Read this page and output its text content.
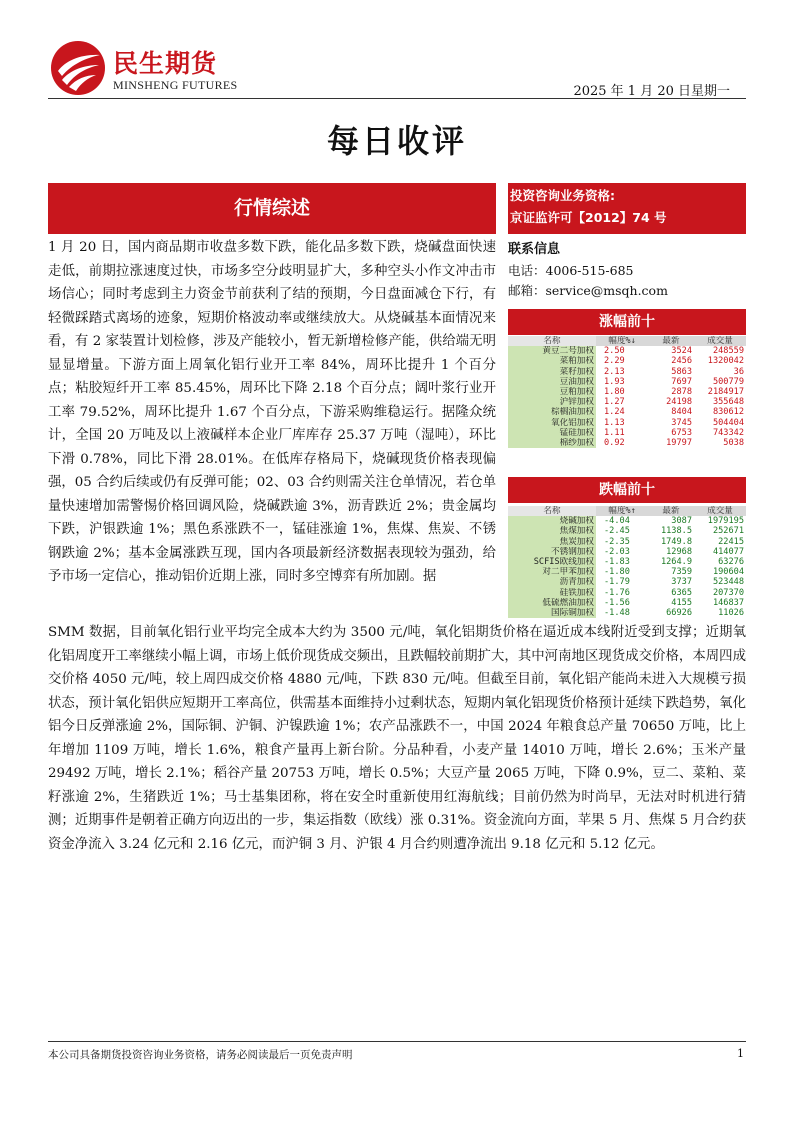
民生期货
MINSHENG FUTURES	2025 年 1 月 20 日星期一
每日收评
行情综述
1 月 20 日，国内商品期市收盘多数下跌，能化品多数下跌，烧碱盘面快速走低，前期拉涨速度过快，市场多空分歧明显扩大，多种空头小作文冲击市场信心；同时考虑到主力资金节前获利了结的预期，今日盘面减仓下行，有轻微踩踏式离场的迹象，短期价格波动率或继续放大。从烧碱基本面情况来看，有 2 家装置计划检修，涉及产能较小，暂无新增检修产能，供给端无明显显增量。下游方面上周氧化铝行业开工率 84%，周环比提升 1 个百分点；粘胶短纤开工率 85.45%，周环比下降 2.18 个百分点；阔叶浆行业开工率 79.52%，周环比提升 1.67 个百分点，下游采购维稳运行。据隆众统计，全国 20 万吨及以上液碱样本企业厂库库存 25.37 万吨（湿吨），环比下滑 0.78%，同比下滑 28.01%。在低库存格局下，烧碱现货价格表现偏强，05 合约后续或仍有反弹可能；02、03 合约则需关注仓单情况，若仓单量快速增加需警惕价格回调风险，烧碱跌逾 3%，沥青跌近 2%；贵金属均下跌，沪银跌逾 1%；黑色系涨跌不一，锰硅涨逾 1%，焦煤、焦炭、不锈钢跌逾 2%；基本金属涨跌互现，国内各项最新经济数据表现较为强劲，给予市场一定信心，推动铝价近期上涨，同时多空博弈有所加剧。据
SMM 数据，目前氧化铝行业平均完全成本大约为 3500 元/吨，氧化铝期货价格在逼近成本线附近受到支撑；近期氧化铝周度开工率继续小幅上调，市场上低价现货成交频出，且跌幅较前期扩大，其中河南地区现货成交价格，本周四成交价格 4050 元/吨，较上周四成交价格 4880 元/吨，下跌 830 元/吨。但截至目前，氧化铝产能尚未进入大规模亏损状态，预计氧化铝供应短期开工率高位，供需基本面维持小过剩状态，短期内氧化铝现货价格预计延续下跌趋势，氧化铝今日反弹涨逾 2%，国际铜、沪铜、沪镍跌逾 1%；农产品涨跌不一，中国 2024 年粮食总产量 70650 万吨，比上年增加 1109 万吨，增长 1.6%，粮食产量再上新台阶。分品种看，小麦产量 14010 万吨，增长 2.6%；玉米产量 29492 万吨，增长 2.1%；稻谷产量 20753 万吨，增长 0.5%；大豆产量 2065 万吨，下降 0.9%，豆二、菜粕、菜籽涨逾 2%，生猪跌近 1%；马士基集团称，将在安全时重新使用红海航线；目前仍然为时尚早，无法对时机进行猜测；近期事件是朝着正确方向迈出的一步，集运指数（欧线）涨 0.31%。资金流向方面，苹果 5 月、焦煤 5 月合约获资金净流入 3.24 亿元和 2.16 亿元，而沪铜 3 月、沪银 4 月合约则遭净流出 9.18 亿元和 5.12 亿元。
投资咨询业务资格:
京证监许可【2012】74 号
联系信息
电话：4006-515-685
邮箱：service@msqh.com
涨幅前十
名称	幅度%↓	最新	成交量
黄豆二号加权	2.50	3524	248559
菜粕加权	2.29	2456	1320042
菜籽加权	2.13	5863	36
豆油加权	1.93	7697	500779
豆粕加权	1.80	2878	2184917
沪锌加权	1.27	24198	355648
棕榈油加权	1.24	8404	830612
氧化铝加权	1.13	3745	504404
锰硅加权	1.11	6753	743342
棉纱加权	0.92	19797	5038
跌幅前十
名称	幅度%↑	最新	成交量
烧碱加权	-4.04	3087	1979195
焦煤加权	-2.45	1138.5	252671
焦炭加权	-2.35	1749.8	22415
不锈钢加权	-2.03	12968	414077
SCFIS欧线加权	-1.83	1264.9	63276
对二甲苯加权	-1.80	7359	190604
沥青加权	-1.79	3737	523448
硅铁加权	-1.76	6365	207370
低硫燃油加权	-1.56	4155	146837
国际铜加权	-1.48	66926	11026
本公司具备期货投资咨询业务资格，请务必阅读最后一页免责声明	1
